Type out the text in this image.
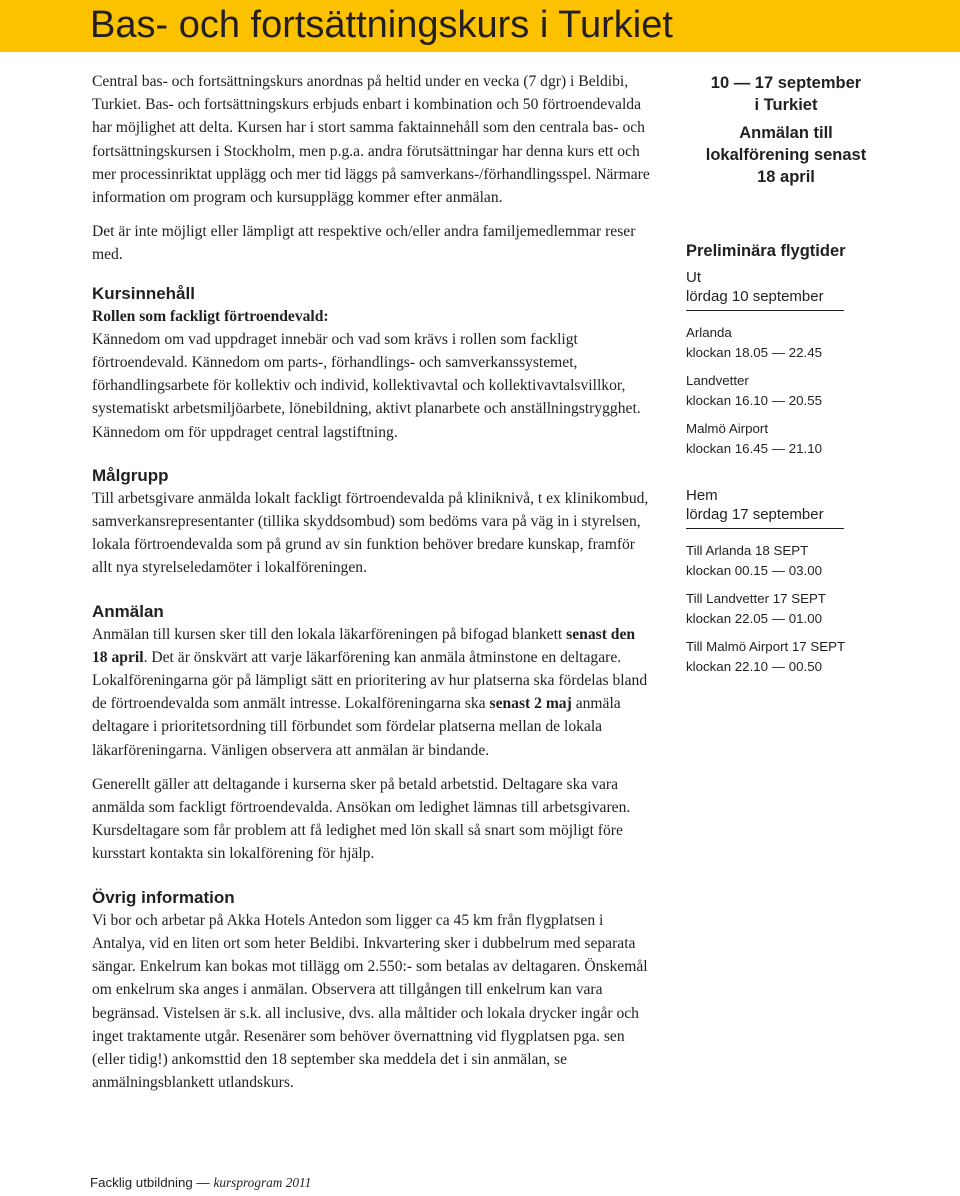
Bas- och fortsättningskurs i Turkiet

Central bas- och fortsättningskurs anordnas på heltid under en vecka (7 dgr) i Beldibi, Turkiet. Bas- och fortsättningskurs erbjuds enbart i kombination och 50 förtroendevalda har möjlighet att delta. Kursen har i stort samma faktainnehåll som den centrala bas- och fortsättningskursen i Stockholm, men p.g.a. andra förutsättningar har denna kurs ett och mer processinriktat upplägg och mer tid läggs på samverkans-/förhandlingsspel. Närmare information om program och kursupplägg kommer efter anmälan.

Det är inte möjligt eller lämpligt att respektive och/eller andra familjemedlemmar reser med.

Kursinnehåll

Rollen som fackligt förtroendevald:

Kännedom om vad uppdraget innebär och vad som krävs i rollen som fackligt förtroendevald. Kännedom om parts-, förhandlings- och samverkanssystemet, förhandlingsarbete för kollektiv och individ, kollektivavtal och kollektivavtalsvillkor, systematiskt arbetsmiljöarbete, lönebildning, aktivt planarbete och anställningstrygghet. Kännedom om för uppdraget central lagstiftning.

Målgrupp

Till arbetsgivare anmälda lokalt fackligt förtroendevalda på kliniknivå, t ex klinikombud, samverkansrepresentanter (tillika skyddsombud) som bedöms vara på väg in i styrelsen, lokala förtroendevalda som på grund av sin funktion behöver bredare kunskap, framför allt nya styrelseledamöter i lokalföreningen.

Anmälan

Anmälan till kursen sker till den lokala läkarföreningen på bifogad blankett senast den 18 april. Det är önskvärt att varje läkarförening kan anmäla åtminstone en deltagare. Lokalföreningarna gör på lämpligt sätt en prioritering av hur platserna ska fördelas bland de förtroendevalda som anmält intresse. Lokalföreningarna ska senast 2 maj anmäla deltagare i prioritetsordning till förbundet som fördelar platserna mellan de lokala läkarföreningarna. Vänligen observera att anmälan är bindande.

Generellt gäller att deltagande i kurserna sker på betald arbetstid. Deltagare ska vara anmälda som fackligt förtroendevalda. Ansökan om ledighet lämnas till arbetsgivaren. Kursdeltagare som får problem att få ledighet med lön skall så snart som möjligt före kursstart kontakta sin lokalförening för hjälp.

Övrig information

Vi bor och arbetar på Akka Hotels Antedon som ligger ca 45 km från flygplatsen i Antalya, vid en liten ort som heter Beldibi. Inkvartering sker i dubbelrum med separata sängar. Enkelrum kan bokas mot tillägg om 2.550:- som betalas av deltagaren. Önskemål om enkelrum ska anges i anmälan. Observera att tillgången till enkelrum kan vara begränsad. Vistelsen är s.k. all inclusive, dvs. alla måltider och lokala drycker ingår och inget traktamente utgår. Resenärer som behöver övernattning vid flygplatsen pga. sen (eller tidig!) ankomsttid den 18 september ska meddela det i sin anmälan, se anmälningsblankett utlandskurs.

10 — 17 september
i Turkiet
Anmälan till
lokalförening senast
18 april
Preliminära flygtider
Ut
lördag 10 september
Arlanda
klockan 18.05 — 22.45
Landvetter
klockan 16.10 — 20.55
Malmö Airport
klockan 16.45 — 21.10
Hem
lördag 17 september
Till Arlanda 18 SEPT
klockan 00.15 — 03.00
Till Landvetter 17 SEPT
klockan 22.05 — 01.00
Till Malmö Airport 17 SEPT
klockan 22.10 — 00.50
Facklig utbildning — kursprogram 2011
